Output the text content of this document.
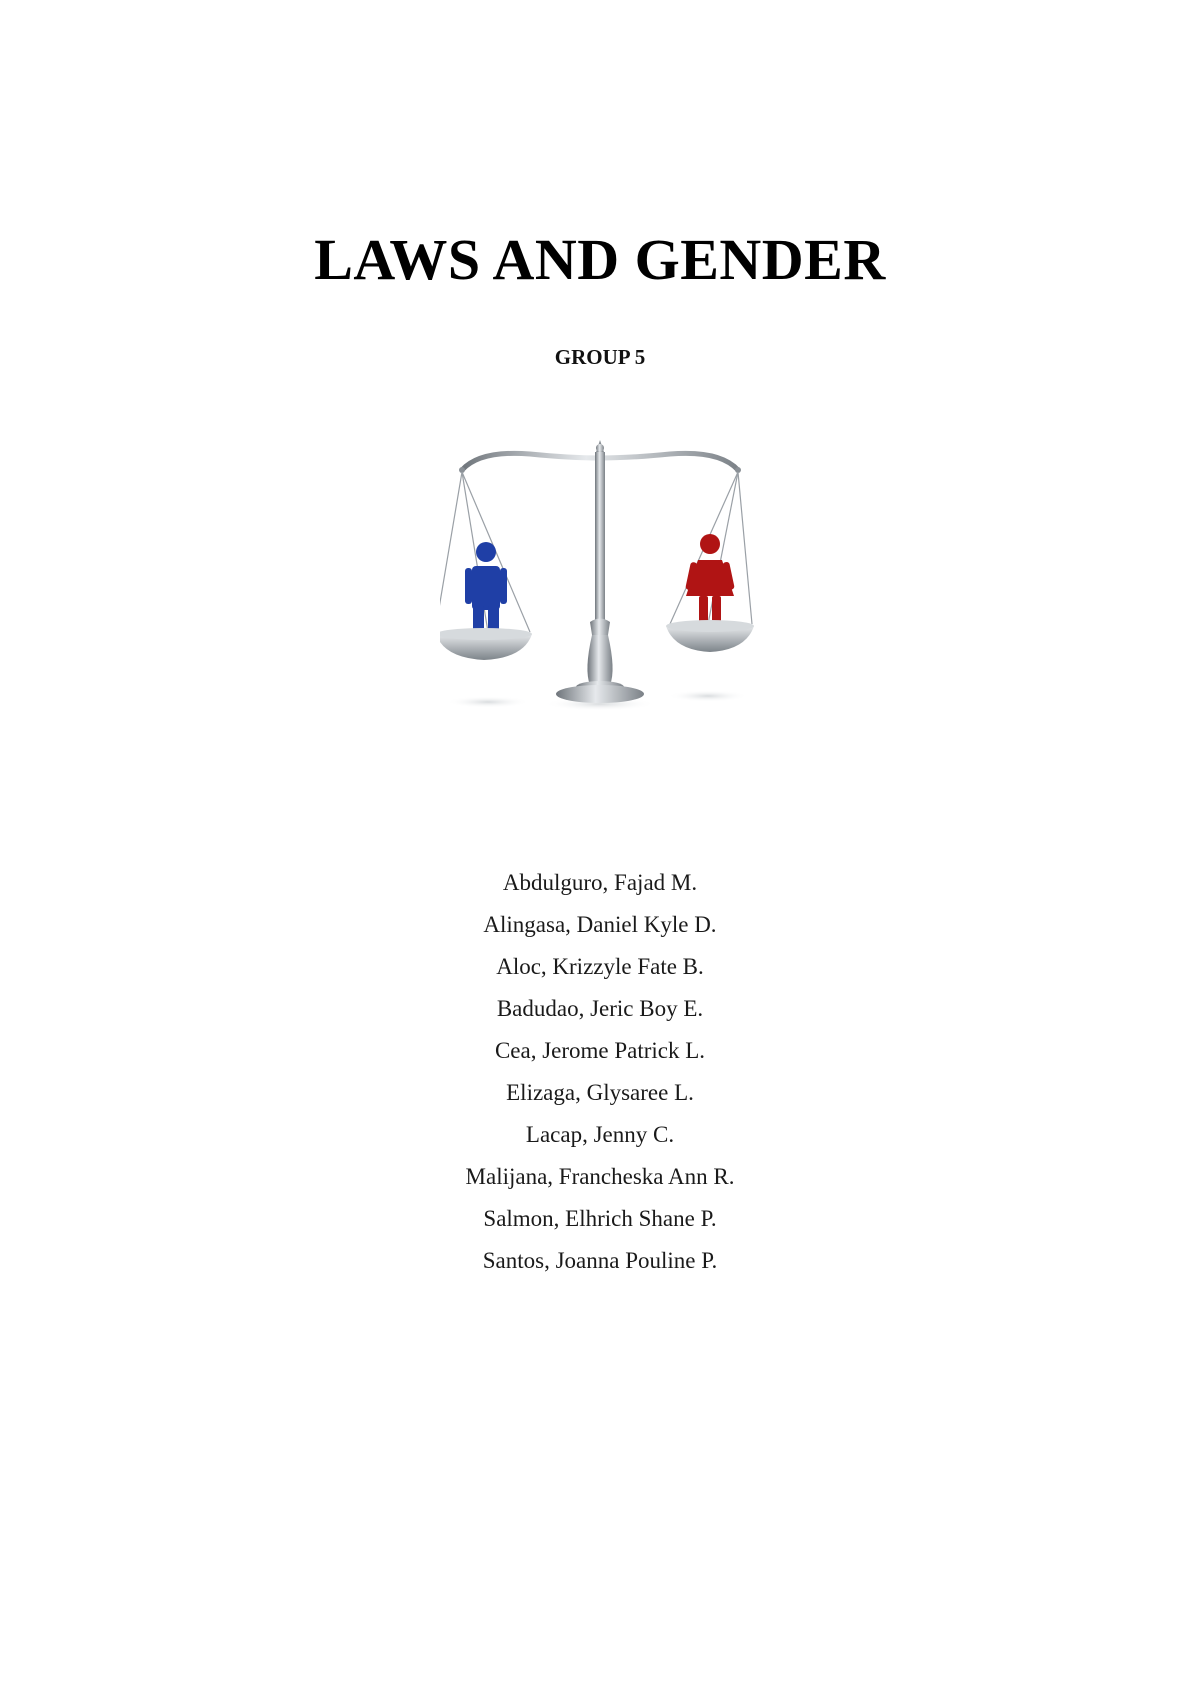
LAWS AND GENDER
GROUP 5
Abdulguro, Fajad M.
Alingasa, Daniel Kyle D.
Aloc, Krizzyle Fate B.
Badudao, Jeric Boy E.
Cea, Jerome Patrick L.
Elizaga, Glysaree L.
Lacap, Jenny C.
Malijana, Francheska Ann R.
Salmon, Elhrich Shane P.
Santos, Joanna Pouline P.
